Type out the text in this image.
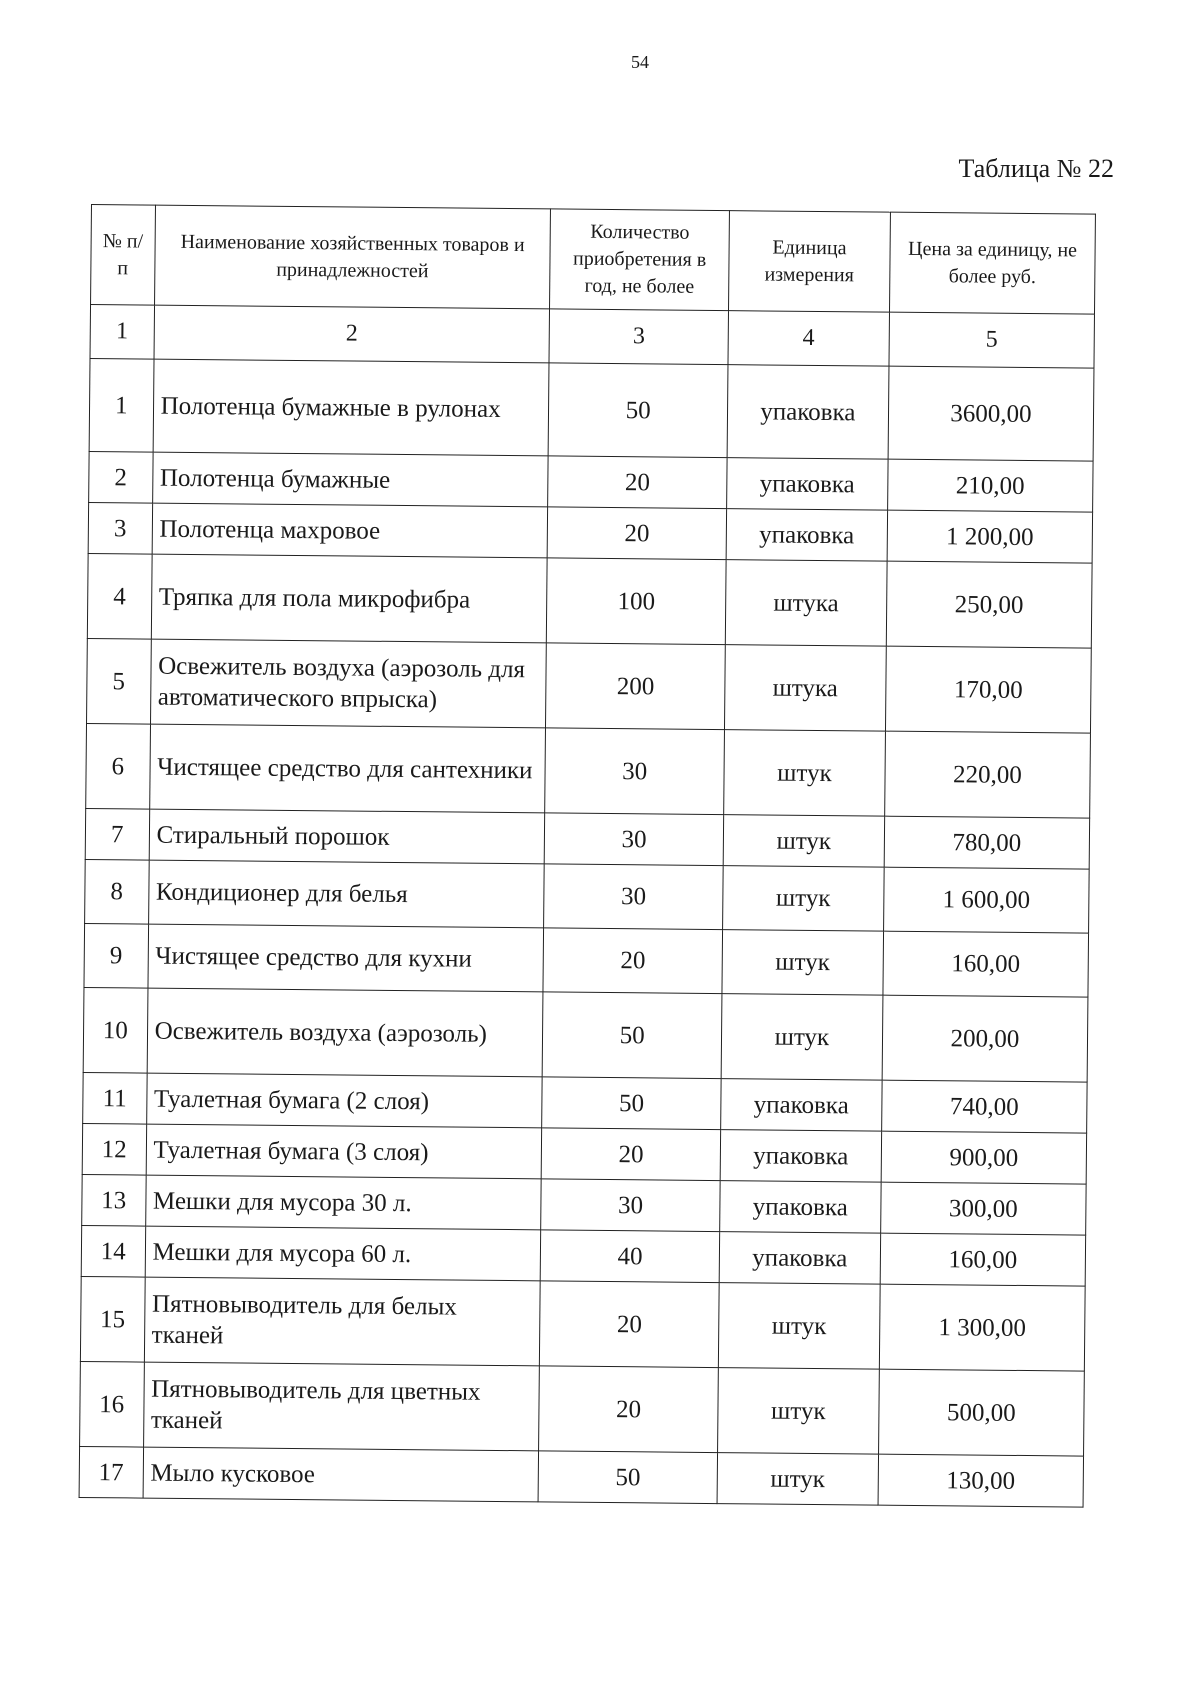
54
Таблица № 22
№ п/п	Наименование хозяйственных товаров и принадлежностей	Количество приобретения в год, не более	Единица измерения	Цена за единицу, не более руб.
1	2	3	4	5
1	Полотенца бумажные в рулонах	50	упаковка	3600,00
2	Полотенца бумажные	20	упаковка	210,00
3	Полотенца махровое	20	упаковка	1 200,00
4	Тряпка для пола микрофибра	100	штука	250,00
5	Освежитель воздуха (аэрозоль для автоматического впрыска)	200	штука	170,00
6	Чистящее средство для сантехники	30	штук	220,00
7	Стиральный порошок	30	штук	780,00
8	Кондиционер для белья	30	штук	1 600,00
9	Чистящее средство для кухни	20	штук	160,00
10	Освежитель воздуха (аэрозоль)	50	штук	200,00
11	Туалетная бумага (2 слоя)	50	упаковка	740,00
12	Туалетная бумага (3 слоя)	20	упаковка	900,00
13	Мешки для мусора 30 л.	30	упаковка	300,00
14	Мешки для мусора 60 л.	40	упаковка	160,00
15	Пятновыводитель для белых тканей	20	штук	1 300,00
16	Пятновыводитель для цветных тканей	20	штук	500,00
17	Мыло кусковое	50	штук	130,00
